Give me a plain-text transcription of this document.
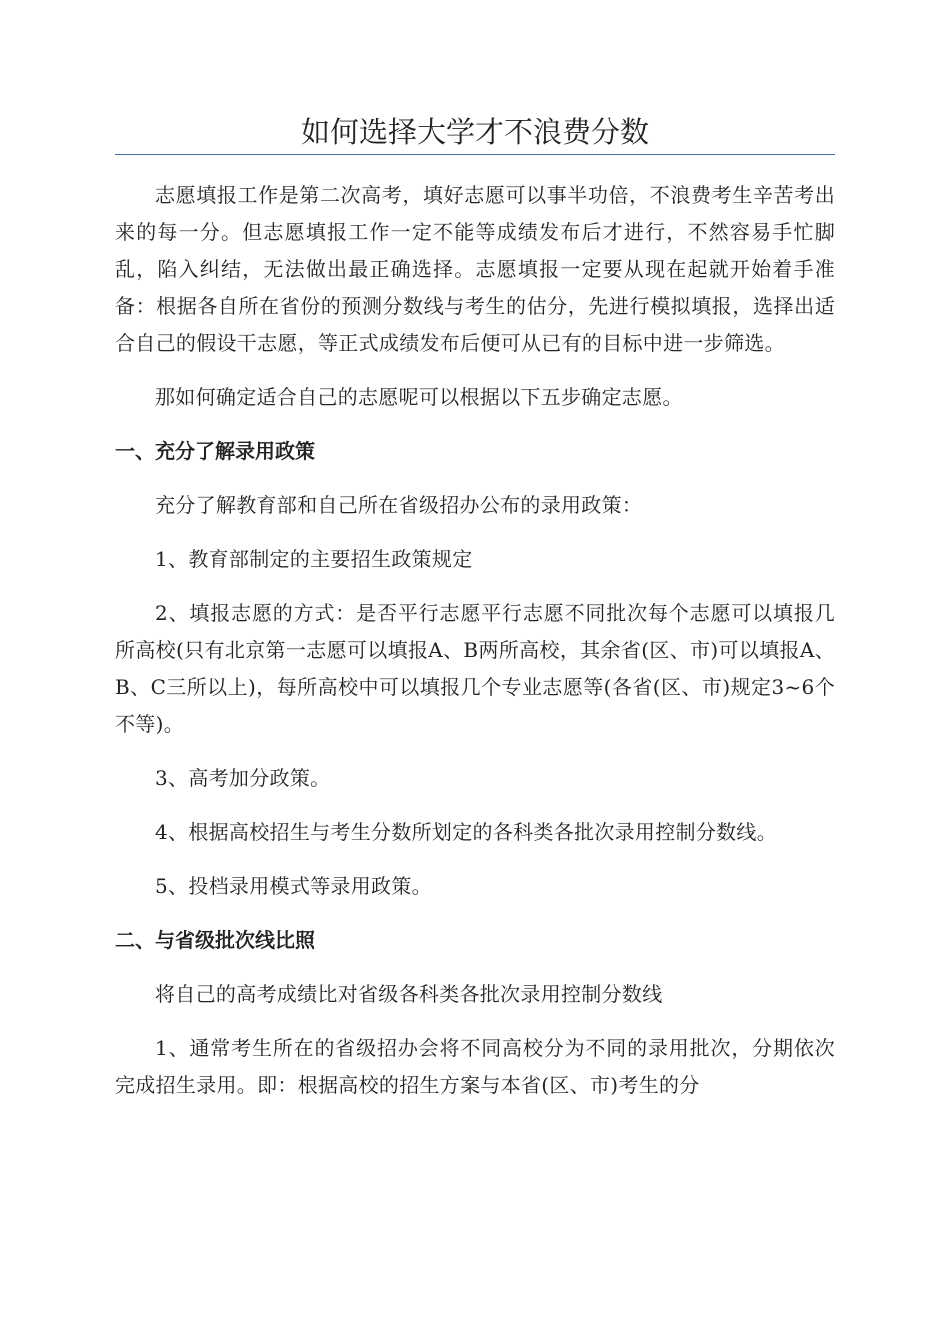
如何选择大学才不浪费分数

志愿填报工作是第二次高考，填好志愿可以事半功倍，不浪费考生辛苦考出来的每一分。但志愿填报工作一定不能等成绩发布后才进行，不然容易手忙脚乱，陷入纠结，无法做出最正确选择。志愿填报一定要从现在起就开始着手准备：根据各自所在省份的预测分数线与考生的估分，先进行模拟填报，选择出适合自己的假设干志愿，等正式成绩发布后便可从已有的目标中进一步筛选。

那如何确定适合自己的志愿呢可以根据以下五步确定志愿。

一、充分了解录用政策

充分了解教育部和自己所在省级招办公布的录用政策：

1、教育部制定的主要招生政策规定

2、填报志愿的方式：是否平行志愿平行志愿不同批次每个志愿可以填报几所高校(只有北京第一志愿可以填报A、B两所高校，其余省(区、市)可以填报A、B、C三所以上)，每所高校中可以填报几个专业志愿等(各省(区、市)规定3~6个不等)。

3、高考加分政策。

4、根据高校招生与考生分数所划定的各科类各批次录用控制分数线。

5、投档录用模式等录用政策。

二、与省级批次线比照

将自己的高考成绩比对省级各科类各批次录用控制分数线

1、通常考生所在的省级招办会将不同高校分为不同的录用批次，分期依次完成招生录用。即：根据高校的招生方案与本省(区、市)考生的分
